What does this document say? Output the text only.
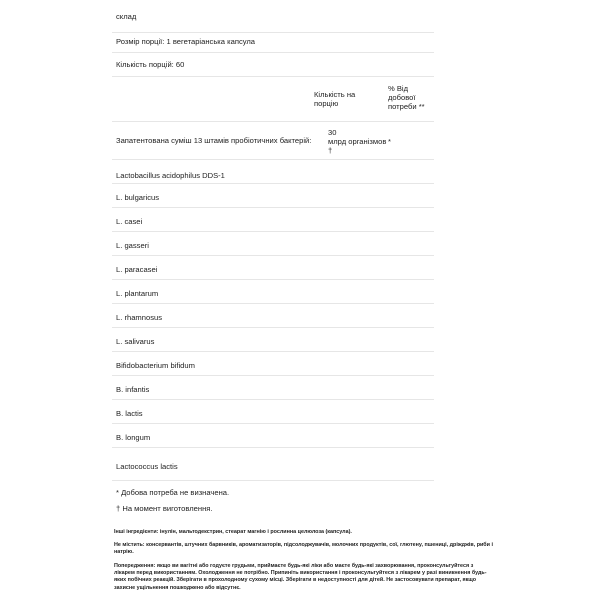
склад
Розмір порції: 1 вегетаріанська капсула
Кількість порцій: 60
Кількість на порцію
% Від добової потреби **
Запатентована суміш 13 штамів пробіотичних бактерій:
30
млрд організмов
†
*
Lactobacillus acidophilus DDS-1
L. bulgaricus
L. casei
L. gasseri
L. paracasei
L. plantarum
L. rhamnosus
L. salivarus
Bifidobacterium bifidum
B. infantis
B. lactis
B. longum
Lactococcus lactis
* Добова потреба не визначена.
† На момент виготовлення.
Інші інгредієнти: інулін, мальтодекстрин, стеарат магнію і рослинна целюлоза (капсула).
Не містить: консервантів, штучних барвників, ароматизаторів, підсолоджувачів, молочних продуктів, сої, глютену, пшениці, дріжджів, риби і натрію.
Попередження: якщо ви вагітні або годуєте грудьми, приймаєте будь-які ліки або маєте будь-які захворювання, проконсультуйтеся з лікарем перед використанням. Охолодження не потрібно. Припиніть використання і проконсультуйтеся з лікарем у разі виникнення будь-яких побічних реакцій. Зберігати в прохолодному сухому місці. Зберігати в недоступності для дітей. Не застосовувати препарат, якщо захисне ущільнення пошкоджено або відсутнє.
